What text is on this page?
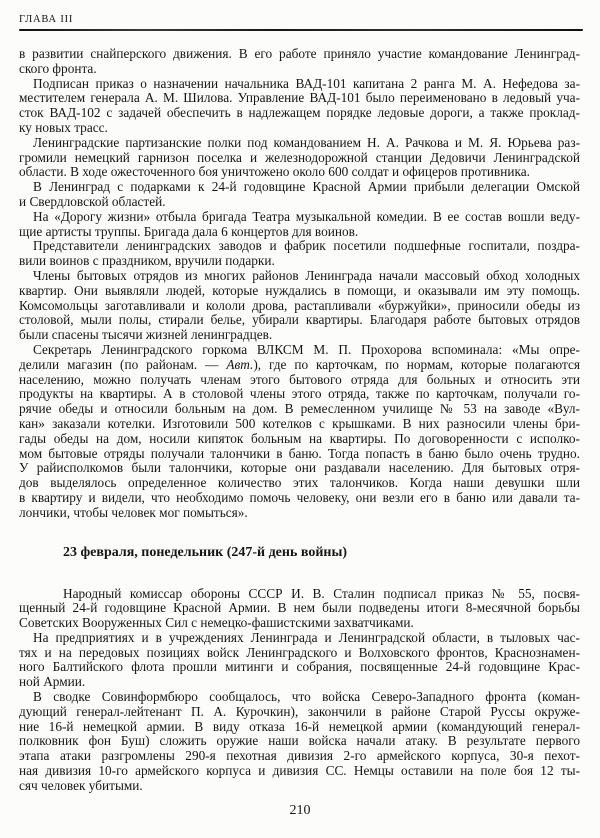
ГЛАВА III
в развитии снайперского движения. В его работе приняло участие командование Ленинград-
ского фронта.
Подписан приказ о назначении начальника ВАД-101 капитана 2 ранга М. А. Нефедова за-
местителем генерала А. М. Шилова. Управление ВАД-101 было переименовано в ледовый уча-
сток ВАД-102 с задачей обеспечить в надлежащем порядке ледовые дороги, а также проклад-
ку новых трасс.
Ленинградские партизанские полки под командованием Н. А. Рачкова и М. Я. Юрьева раз-
громили немецкий гарнизон поселка и железнодорожной станции Дедовичи Ленинградской
области. В ходе ожесточенного боя уничтожено около 600 солдат и офицеров противника.
В Ленинград с подарками к 24-й годовщине Красной Армии прибыли делегации Омской
и Свердловской областей.
На «Дорогу жизни» отбыла бригада Театра музыкальной комедии. В ее состав вошли веду-
щие артисты труппы. Бригада дала 6 концертов для воинов.
Представители ленинградских заводов и фабрик посетили подшефные госпитали, поздра-
вили воинов с праздником, вручили подарки.
Члены бытовых отрядов из многих районов Ленинграда начали массовый обход холодных
квартир. Они выявляли людей, которые нуждались в помощи, и оказывали им эту помощь.
Комсомольцы заготавливали и кололи дрова, растапливали «буржуйки», приносили обеды из
столовой, мыли полы, стирали белье, убирали квартиры. Благодаря работе бытовых отрядов
были спасены тысячи жизней ленинградцев.
Секретарь Ленинградского горкома ВЛКСМ М. П. Прохорова вспоминала: «Мы опре-
делили магазин (по районам. — Авт.), где по карточкам, по нормам, которые полагаются
населению, можно получать членам этого бытового отряда для больных и относить эти
продукты на квартиры. А в столовой члены этого отряда, также по карточкам, получали го-
рячие обеды и относили больным на дом. В ремесленном училище № 53 на заводе «Вул-
кан» заказали котелки. Изготовили 500 котелков с крышками. В них разносили члены бри-
гады обеды на дом, носили кипяток больным на квартиры. По договоренности с исполко-
мом бытовые отряды получали талончики в баню. Тогда попасть в баню было очень трудно.
У райисполкомов были талончики, которые они раздавали населению. Для бытовых отря-
дов выделялось определенное количество этих талончиков. Когда наши девушки шли
в квартиру и видели, что необходимо помочь человеку, они везли его в баню или давали та-
лончики, чтобы человек мог помыться».
23 февраля, понедельник (247-й день войны)
Народный комиссар обороны СССР И. В. Сталин подписал приказ № 55, посвя-
щенный 24-й годовщине Красной Армии. В нем были подведены итоги 8-месячной борьбы
Советских Вооруженных Сил с немецко-фашистскими захватчиками.
На предприятиях и в учреждениях Ленинграда и Ленинградской области, в тыловых час-
тях и на передовых позициях войск Ленинградского и Волховского фронтов, Краснознамен-
ного Балтийского флота прошли митинги и собрания, посвященные 24-й годовщине Крас-
ной Армии.
В сводке Совинформбюро сообщалось, что войска Северо-Западного фронта (коман-
дующий генерал-лейтенант П. А. Курочкин), закончили в районе Старой Руссы окруже-
ние 16-й немецкой армии. В виду отказа 16-й немецкой армии (командующий генерал-
полковник фон Буш) сложить оружие наши войска начали атаку. В результате первого
этапа атаки разгромлены 290-я пехотная дивизия 2-го армейского корпуса, 30-я пехот-
ная дивизия 10-го армейского корпуса и дивизия СС. Немцы оставили на поле боя 12 ты-
сяч человек убитыми.
210
